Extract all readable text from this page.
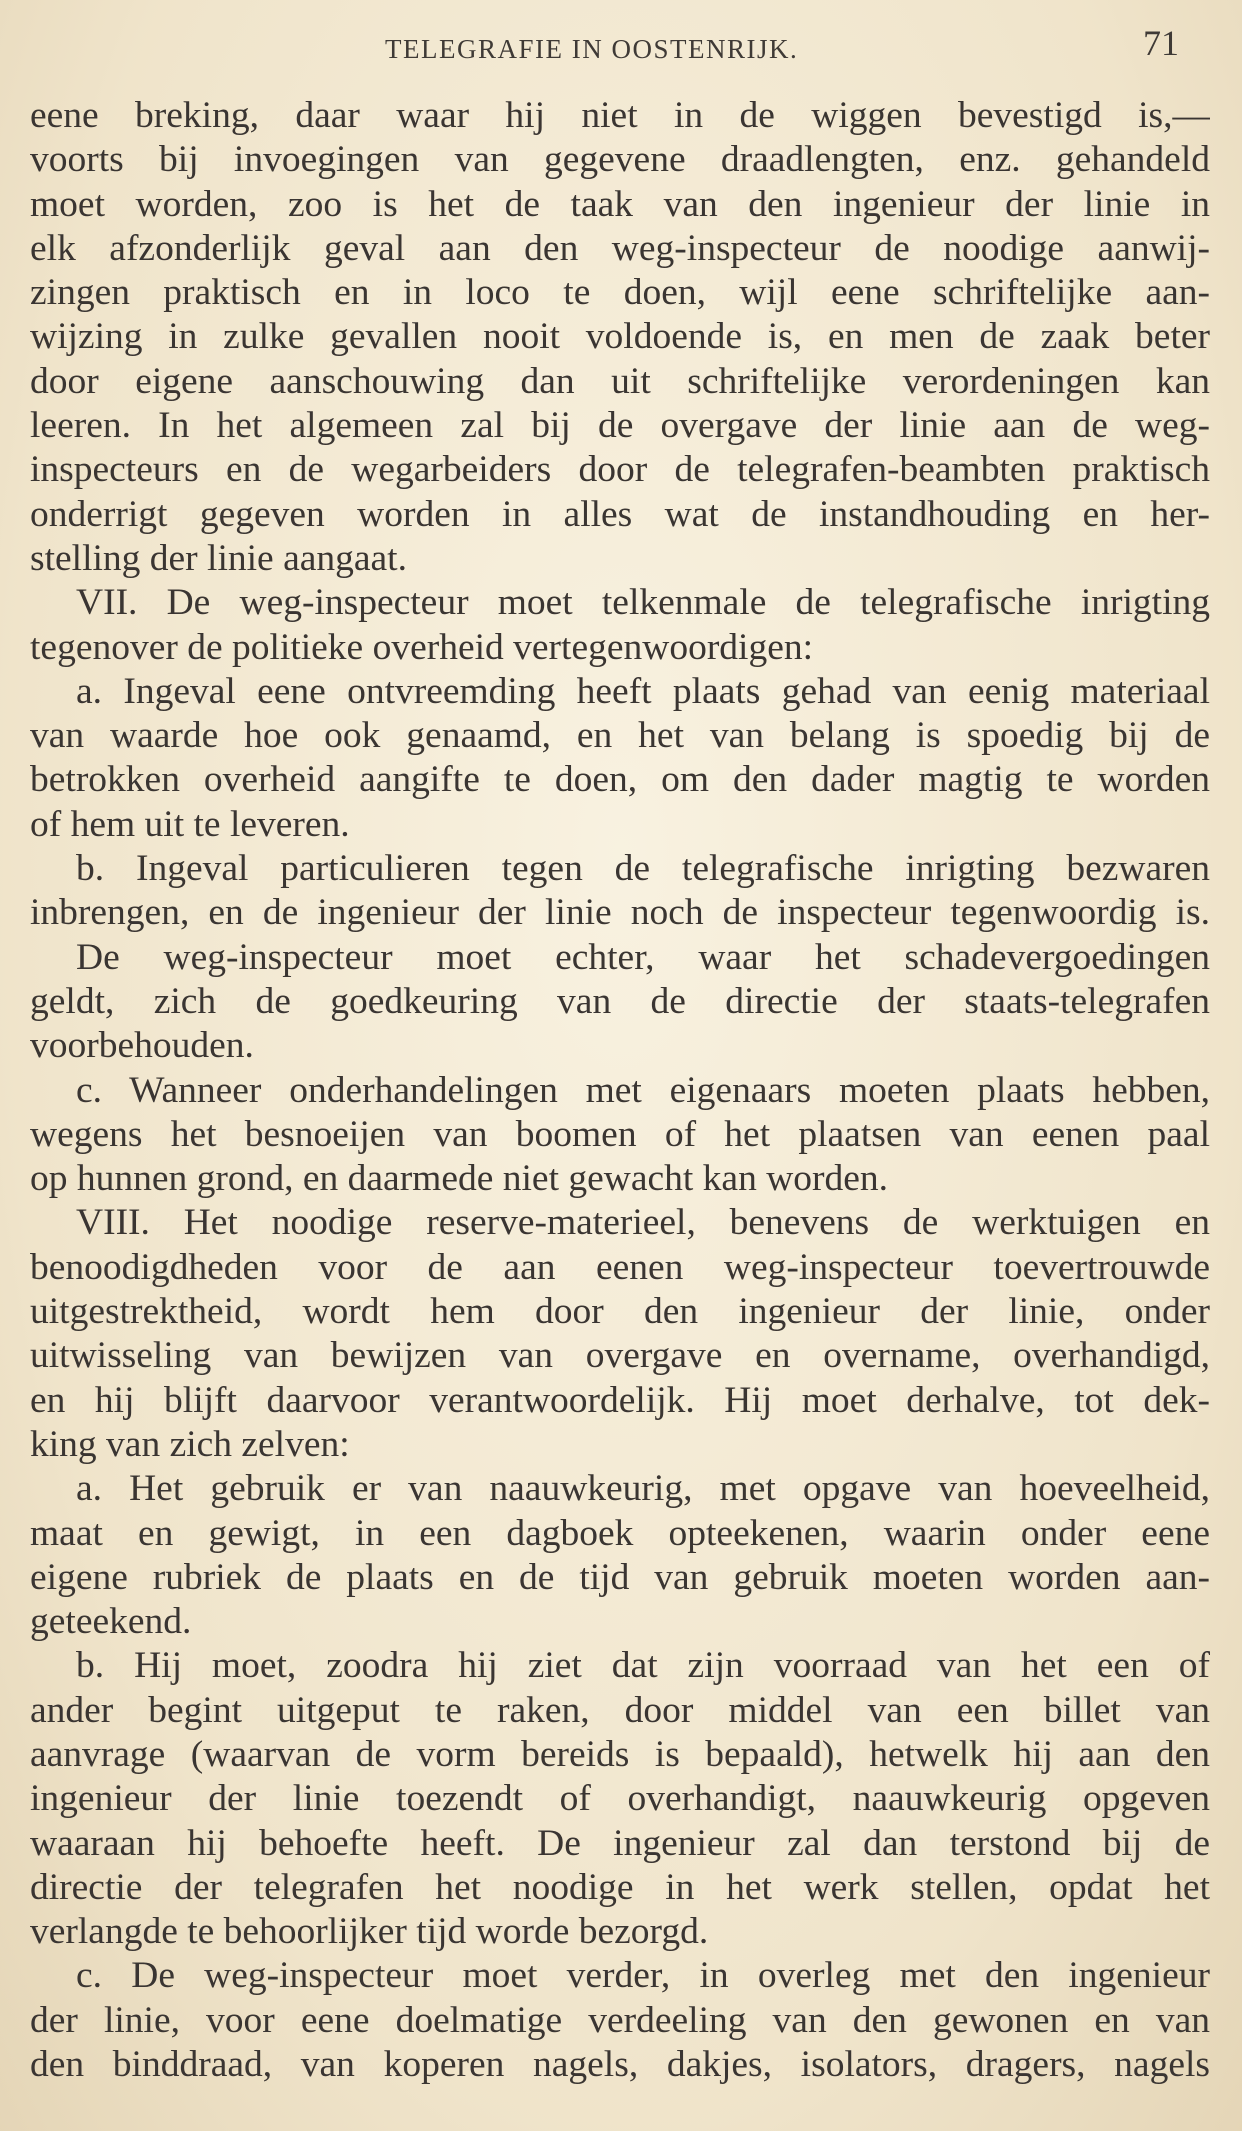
TELEGRAFIE IN OOSTENRIJK.	71
eene breking, daar waar hij niet in de wiggen bevestigd is,—
voorts bij invoegingen van gegevene draadlengten, enz. gehandeld
moet worden, zoo is het de taak van den ingenieur der linie in
elk afzonderlijk geval aan den weg-inspecteur de noodige aanwij-
zingen praktisch en in loco te doen, wijl eene schriftelijke aan-
wijzing in zulke gevallen nooit voldoende is, en men de zaak beter
door eigene aanschouwing dan uit schriftelijke verordeningen kan
leeren. In het algemeen zal bij de overgave der linie aan de weg-
inspecteurs en de wegarbeiders door de telegrafen-beambten praktisch
onderrigt gegeven worden in alles wat de instandhouding en her-
stelling der linie aangaat.
VII. De weg-inspecteur moet telkenmale de telegrafische inrigting
tegenover de politieke overheid vertegenwoordigen:
a. Ingeval eene ontvreemding heeft plaats gehad van eenig materiaal
van waarde hoe ook genaamd, en het van belang is spoedig bij de
betrokken overheid aangifte te doen, om den dader magtig te worden
of hem uit te leveren.
b. Ingeval particulieren tegen de telegrafische inrigting bezwaren
inbrengen, en de ingenieur der linie noch de inspecteur tegenwoordig is.
De weg-inspecteur moet echter, waar het schadevergoedingen
geldt, zich de goedkeuring van de directie der staats-telegrafen
voorbehouden.
c. Wanneer onderhandelingen met eigenaars moeten plaats hebben,
wegens het besnoeijen van boomen of het plaatsen van eenen paal
op hunnen grond, en daarmede niet gewacht kan worden.
VIII. Het noodige reserve-materieel, benevens de werktuigen en
benoodigdheden voor de aan eenen weg-inspecteur toevertrouwde
uitgestrektheid, wordt hem door den ingenieur der linie, onder
uitwisseling van bewijzen van overgave en overname, overhandigd,
en hij blijft daarvoor verantwoordelijk. Hij moet derhalve, tot dek-
king van zich zelven:
a. Het gebruik er van naauwkeurig, met opgave van hoeveelheid,
maat en gewigt, in een dagboek opteekenen, waarin onder eene
eigene rubriek de plaats en de tijd van gebruik moeten worden aan-
geteekend.
b. Hij moet, zoodra hij ziet dat zijn voorraad van het een of
ander begint uitgeput te raken, door middel van een billet van
aanvrage (waarvan de vorm bereids is bepaald), hetwelk hij aan den
ingenieur der linie toezendt of overhandigt, naauwkeurig opgeven
waaraan hij behoefte heeft. De ingenieur zal dan terstond bij de
directie der telegrafen het noodige in het werk stellen, opdat het
verlangde te behoorlijker tijd worde bezorgd.
c. De weg-inspecteur moet verder, in overleg met den ingenieur
der linie, voor eene doelmatige verdeeling van den gewonen en van
den binddraad, van koperen nagels, dakjes, isolators, dragers, nagels
